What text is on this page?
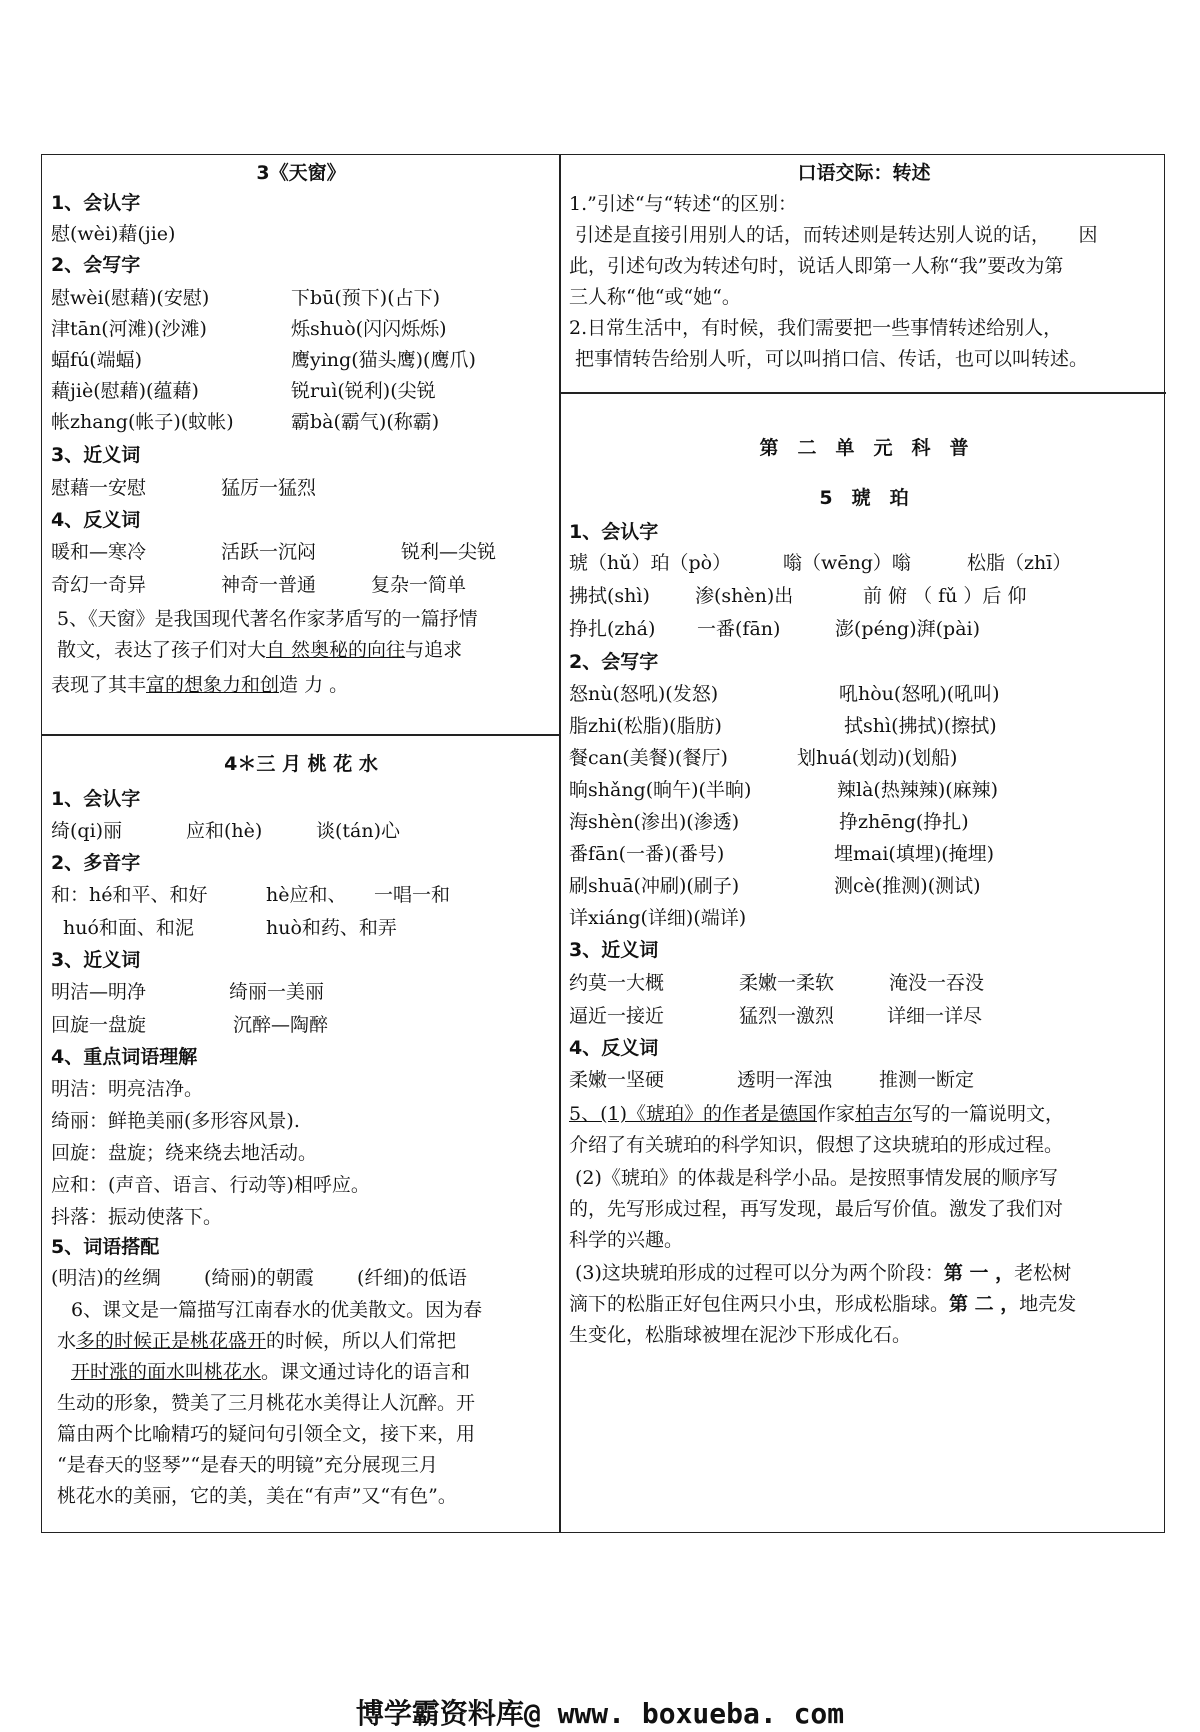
3《天窗》
1、会认字
慰(wèi)藉(jie)
2、会写字
慰wèi(慰藉)(安慰)	下bū(预下)(占下)
津tān(河滩)(沙滩)	烁shuò(闪闪烁烁)
蝠fú(端蝠)	鹰ying(猫头鹰)(鹰爪)
藉jiè(慰藉)(蕴藉)	锐ruì(锐利)(尖锐
帐zhang(帐子)(蚊帐)	霸bà(霸气)(称霸)
3、近义词
慰藉一安慰	猛厉一猛烈
4、反义词
暖和—寒冷	活跃一沉闷	锐利—尖锐
奇幻一奇异	神奇一普通	复杂一简单
5、《天窗》是我国现代著名作家茅盾写的一篇抒情
散文，表达了孩子们对大自 然奥秘的向往与追求
表现了其丰富的想象力和创造 力 。
4＊三 月 桃 花 水
1、会认字
绮(qi)丽	应和(hè)	谈(tán)心
2、多音字
和：hé和平、和好	hè应和、	一唱一和
huó和面、和泥	huò和药、和弄
3、近义词
明洁—明净	绮丽一美丽
回旋一盘旋	沉醉—陶醉
4、重点词语理解
明洁：明亮洁净。
绮丽：鲜艳美丽(多形容风景).
回旋：盘旋；绕来绕去地活动。
应和：(声音、语言、行动等)相呼应。
抖落：振动使落下。
5、词语搭配
(明洁)的丝绸	(绮丽)的朝霞	(纤细)的低语
6、课文是一篇描写江南春水的优美散文。因为春
水多的时候正是桃花盛开的时候，所以人们常把
开时涨的面水叫桃花水。课文通过诗化的语言和
生动的形象，赞美了三月桃花水美得让人沉醉。开
篇由两个比喻精巧的疑问句引领全文，接下来，用
“是春天的竖琴”“是春天的明镜”充分展现三月
桃花水的美丽，它的美，美在“有声”又“有色”。
口语交际：转述
1.”引述“与“转述“的区别：
引述是直接引用别人的话，而转述则是转达别人说的话，　　因
此，引述句改为转述句时，说话人即第一人称“我”要改为第
三人称“他“或“她“。
2.日常生活中，有时候，我们需要把一些事情转述给别人，
把事情转告给别人听，可以叫捎口信、传话，也可以叫转述。
第　二　单　元　科　普
5　琥　珀
1、会认字
琥（hǔ）珀（pò）	嗡（wēng）嗡	松脂（zhī）
拂拭(shì)	渗(shèn)出	前 俯 （ fǔ ）后 仰
挣扎(zhá)	一番(fān)	澎(péng)湃(pài)
2、会写字
怒nù(怒吼)(发怒)	吼hòu(怒吼)(吼叫)
脂zhi(松脂)(脂肪)	拭shì(拂拭)(擦拭)
餐can(美餐)(餐厅)	划huá(划动)(划船)
晌shǎng(晌午)(半晌)	辣là(热辣辣)(麻辣)
海shèn(渗出)(渗透)	挣zhēng(挣扎)
番fān(一番)(番号)	埋mai(填埋)(掩埋)
刷shuā(冲刷)(刷子)	测cè(推测)(测试)
详xiáng(详细)(端详)
3、近义词
约莫一大概	柔嫩一柔软	淹没一吞没
逼近一接近	猛烈一激烈	详细一详尽
4、反义词
柔嫩一坚硬	透明一浑浊	推测一断定
5、(1)《琥珀》的作者是德国作家柏吉尔写的一篇说明文，
介绍了有关琥珀的科学知识，假想了这块琥珀的形成过程。
(2)《琥珀》的体裁是科学小品。是按照事情发展的顺序写
的，先写形成过程，再写发现，最后写价值。激发了我们对
科学的兴趣。
(3)这块琥珀形成的过程可以分为两个阶段：第 一 ，老松树
滴下的松脂正好包住两只小虫，形成松脂球。第 二 ，地壳发
生变化，松脂球被埋在泥沙下形成化石。
博学霸资料库@ www. boxueba. com
